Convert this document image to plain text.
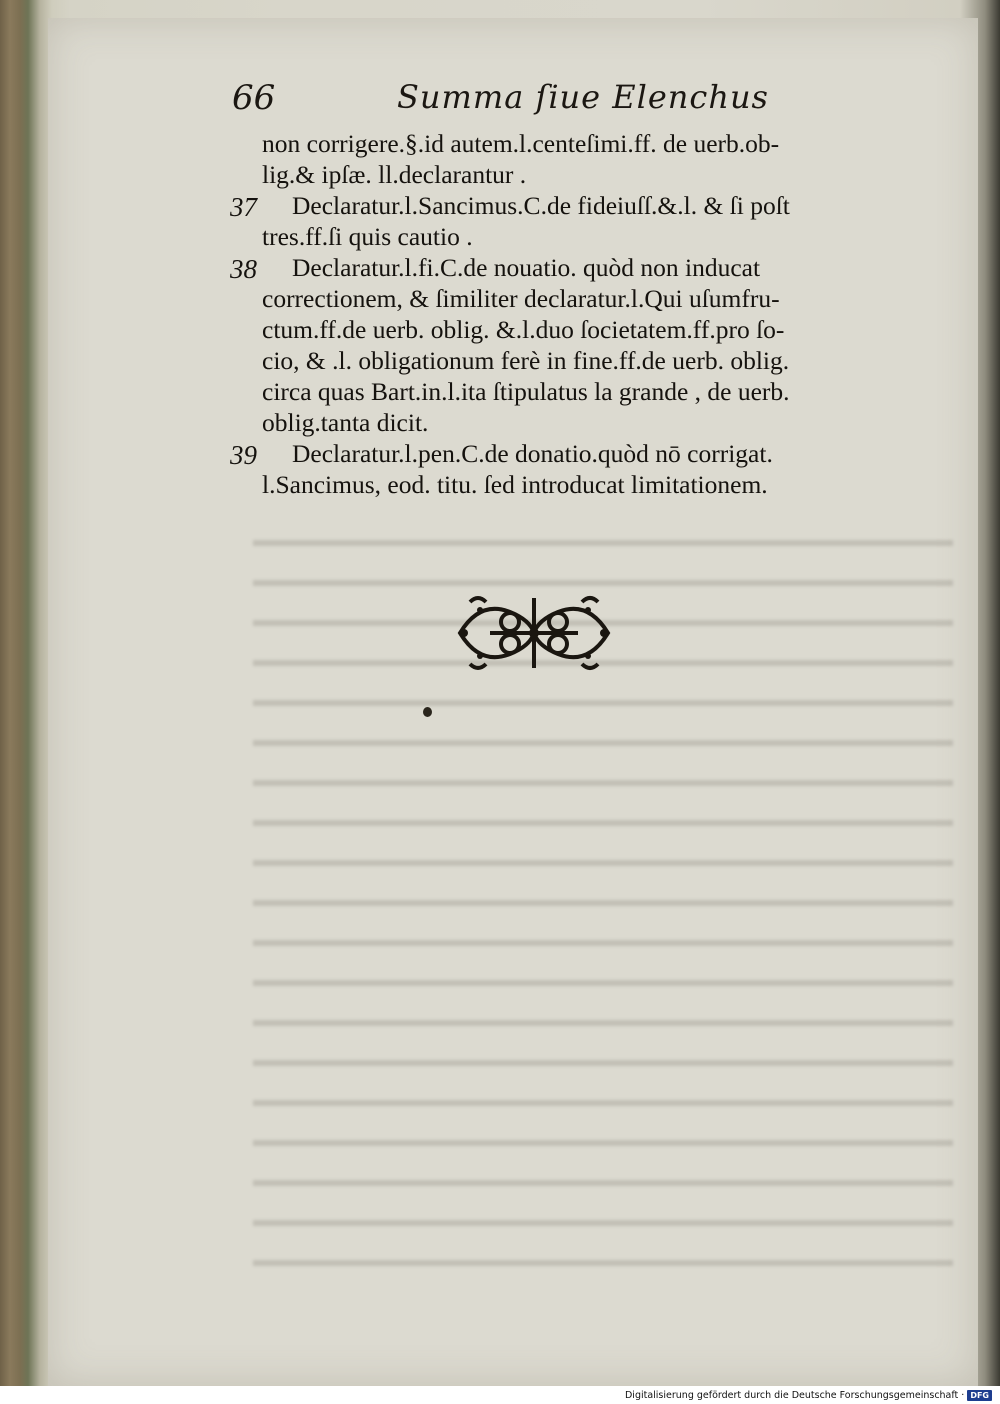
66	Summa ſiue Elenchus
non corrigere.§.id autem.l.centeſimi.ff. de uerb.ob-
lig.& ipſæ. ll.declarantur .
37 Declaratur.l.Sancimus.C.de fideiuſſ.&.l. & ſi poſt
tres.ff.ſi quis cautio .
38 Declaratur.l.fi.C.de nouatio. quòd non inducat
correctionem, & ſimiliter declaratur.l.Qui uſumfru-
ctum.ff.de uerb. oblig. &.l.duo ſocietatem.ff.pro ſo-
cio, & .l. obligationum ferè in fine.ff.de uerb. oblig.
circa quas Bart.in.l.ita ſtipulatus la grande , de uerb.
oblig.tanta dicit.
39 Declaratur.l.pen.C.de donatio.quòd nō corrigat.
l.Sancimus, eod. titu. ſed introducat limitationem.
Digitalisierung gefördert durch die Deutsche Forschungsgemeinschaft · DFG
